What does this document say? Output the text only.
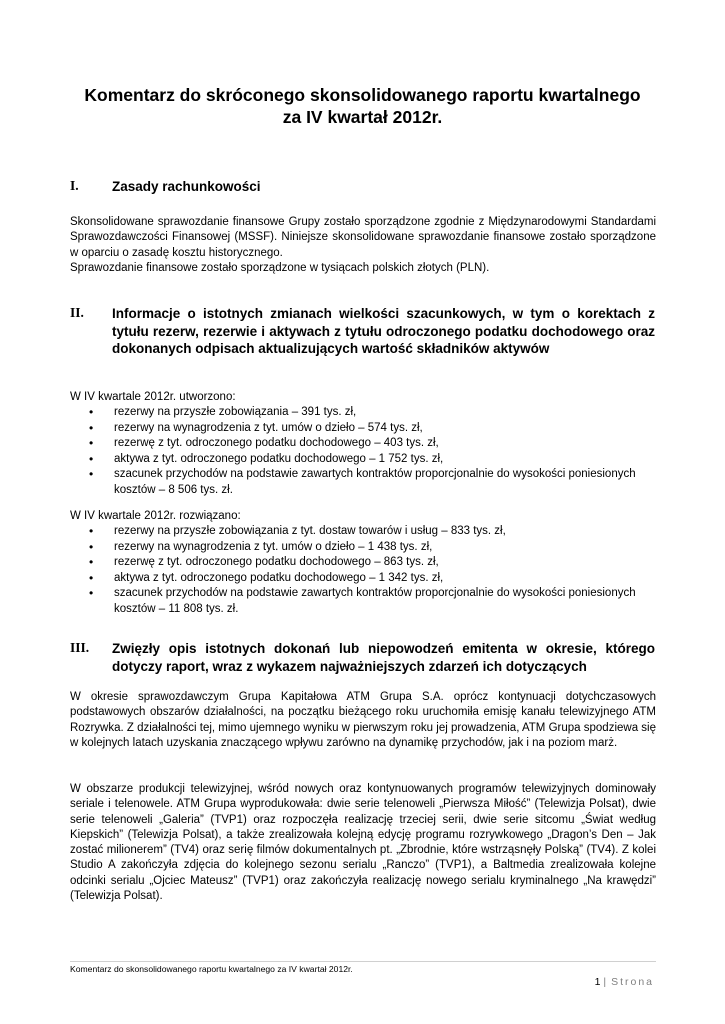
Komentarz do skróconego skonsolidowanego raportu kwartalnego
za IV kwartał 2012r.
I. Zasady rachunkowości

Skonsolidowane sprawozdanie finansowe Grupy zostało sporządzone zgodnie z Międzynarodowymi Standardami Sprawozdawczości Finansowej (MSSF). Niniejsze skonsolidowane sprawozdanie finansowe zostało sporządzone w oparciu o zasadę kosztu historycznego.

Sprawozdanie finansowe zostało sporządzone w tysiącach polskich złotych (PLN).

II. Informacje o istotnych zmianach wielkości szacunkowych, w tym o korektach z tytułu rezerw, rezerwie i aktywach z tytułu odroczonego podatku dochodowego oraz dokonanych odpisach aktualizujących wartość składników aktywów
W IV kwartale 2012r. utworzono:
• rezerwy na przyszłe zobowiązania – 391 tys. zł,
• rezerwy na wynagrodzenia z tyt. umów o dzieło – 574 tys. zł,
• rezerwę z tyt. odroczonego podatku dochodowego – 403 tys. zł,
• aktywa z tyt. odroczonego podatku dochodowego – 1 752 tys. zł,
• szacunek przychodów na podstawie zawartych kontraktów proporcjonalnie do wysokości poniesionych kosztów – 8 506 tys. zł.
W IV kwartale 2012r. rozwiązano:
• rezerwy na przyszłe zobowiązania z tyt. dostaw towarów i usług – 833 tys. zł,
• rezerwy na wynagrodzenia z tyt. umów o dzieło – 1 438 tys. zł,
• rezerwę z tyt. odroczonego podatku dochodowego – 863 tys. zł,
• aktywa z tyt. odroczonego podatku dochodowego – 1 342 tys. zł,
• szacunek przychodów na podstawie zawartych kontraktów proporcjonalnie do wysokości poniesionych kosztów – 11 808 tys. zł.
III. Zwięzły opis istotnych dokonań lub niepowodzeń emitenta w okresie, którego dotyczy raport, wraz z wykazem najważniejszych zdarzeń ich dotyczących

W okresie sprawozdawczym Grupa Kapitałowa ATM Grupa S.A. oprócz kontynuacji dotychczasowych podstawowych obszarów działalności, na początku bieżącego roku uruchomiła emisję kanału telewizyjnego ATM Rozrywka. Z działalności tej, mimo ujemnego wyniku w pierwszym roku jej prowadzenia, ATM Grupa spodziewa się w kolejnych latach uzyskania znaczącego wpływu zarówno na dynamikę przychodów, jak i na poziom marż.

W obszarze produkcji telewizyjnej, wśród nowych oraz kontynuowanych programów telewizyjnych dominowały seriale i telenowele. ATM Grupa wyprodukowała: dwie serie telenoweli „Pierwsza Miłość” (Telewizja Polsat), dwie serie telenoweli „Galeria” (TVP1) oraz rozpoczęła realizację trzeciej serii, dwie serie sitcomu „Świat według Kiepskich” (Telewizja Polsat), a także zrealizowała kolejną edycję programu rozrywkowego „Dragon’s Den – Jak zostać milionerem” (TV4) oraz serię filmów dokumentalnych pt. „Zbrodnie, które wstrząsnęły Polską” (TV4). Z kolei Studio A zakończyła zdjęcia do kolejnego sezonu serialu „Ranczo” (TVP1), a Baltmedia zrealizowała kolejne odcinki serialu „Ojciec Mateusz” (TVP1) oraz zakończyła realizację nowego serialu kryminalnego „Na krawędzi” (Telewizja Polsat).

Komentarz do skonsolidowanego raportu kwartalnego za IV kwartał 2012r.
1 | Strona
